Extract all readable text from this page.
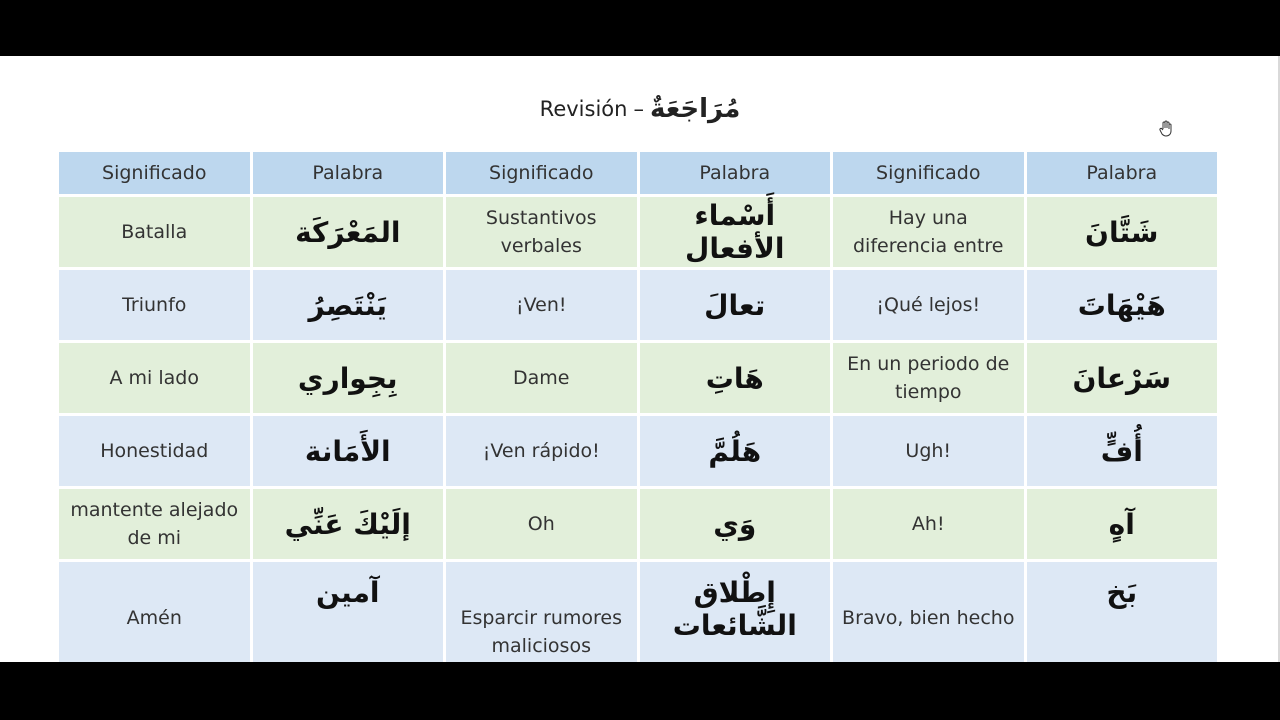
Revisión – مُرَاجَعَةٌ
Significado	Palabra	Significado	Palabra	Significado	Palabra
Batalla	المَعْرَكَة	Sustantivos verbales	أَسْماء الأفعال	Hay una diferencia entre	شَتَّانَ
Triunfo	يَنْتَصِرُ	¡Ven!	تعالَ	¡Qué lejos!	هَيْهَاتَ
A mi lado	بِجِواري	Dame	هَاتِ	En un periodo de tiempo	سَرْعانَ
Honestidad	الأَمَانة	¡Ven rápido!	هَلُمَّ	Ugh!	أُفٍّ
mantente alejado de mi	إلَيْكَ عَنِّي	Oh	وَي	Ah!	آهٍ
Amén	آمين	Esparcir rumores maliciosos	إِطْلاق الشَّائعات	Bravo, bien hecho	بَخ
